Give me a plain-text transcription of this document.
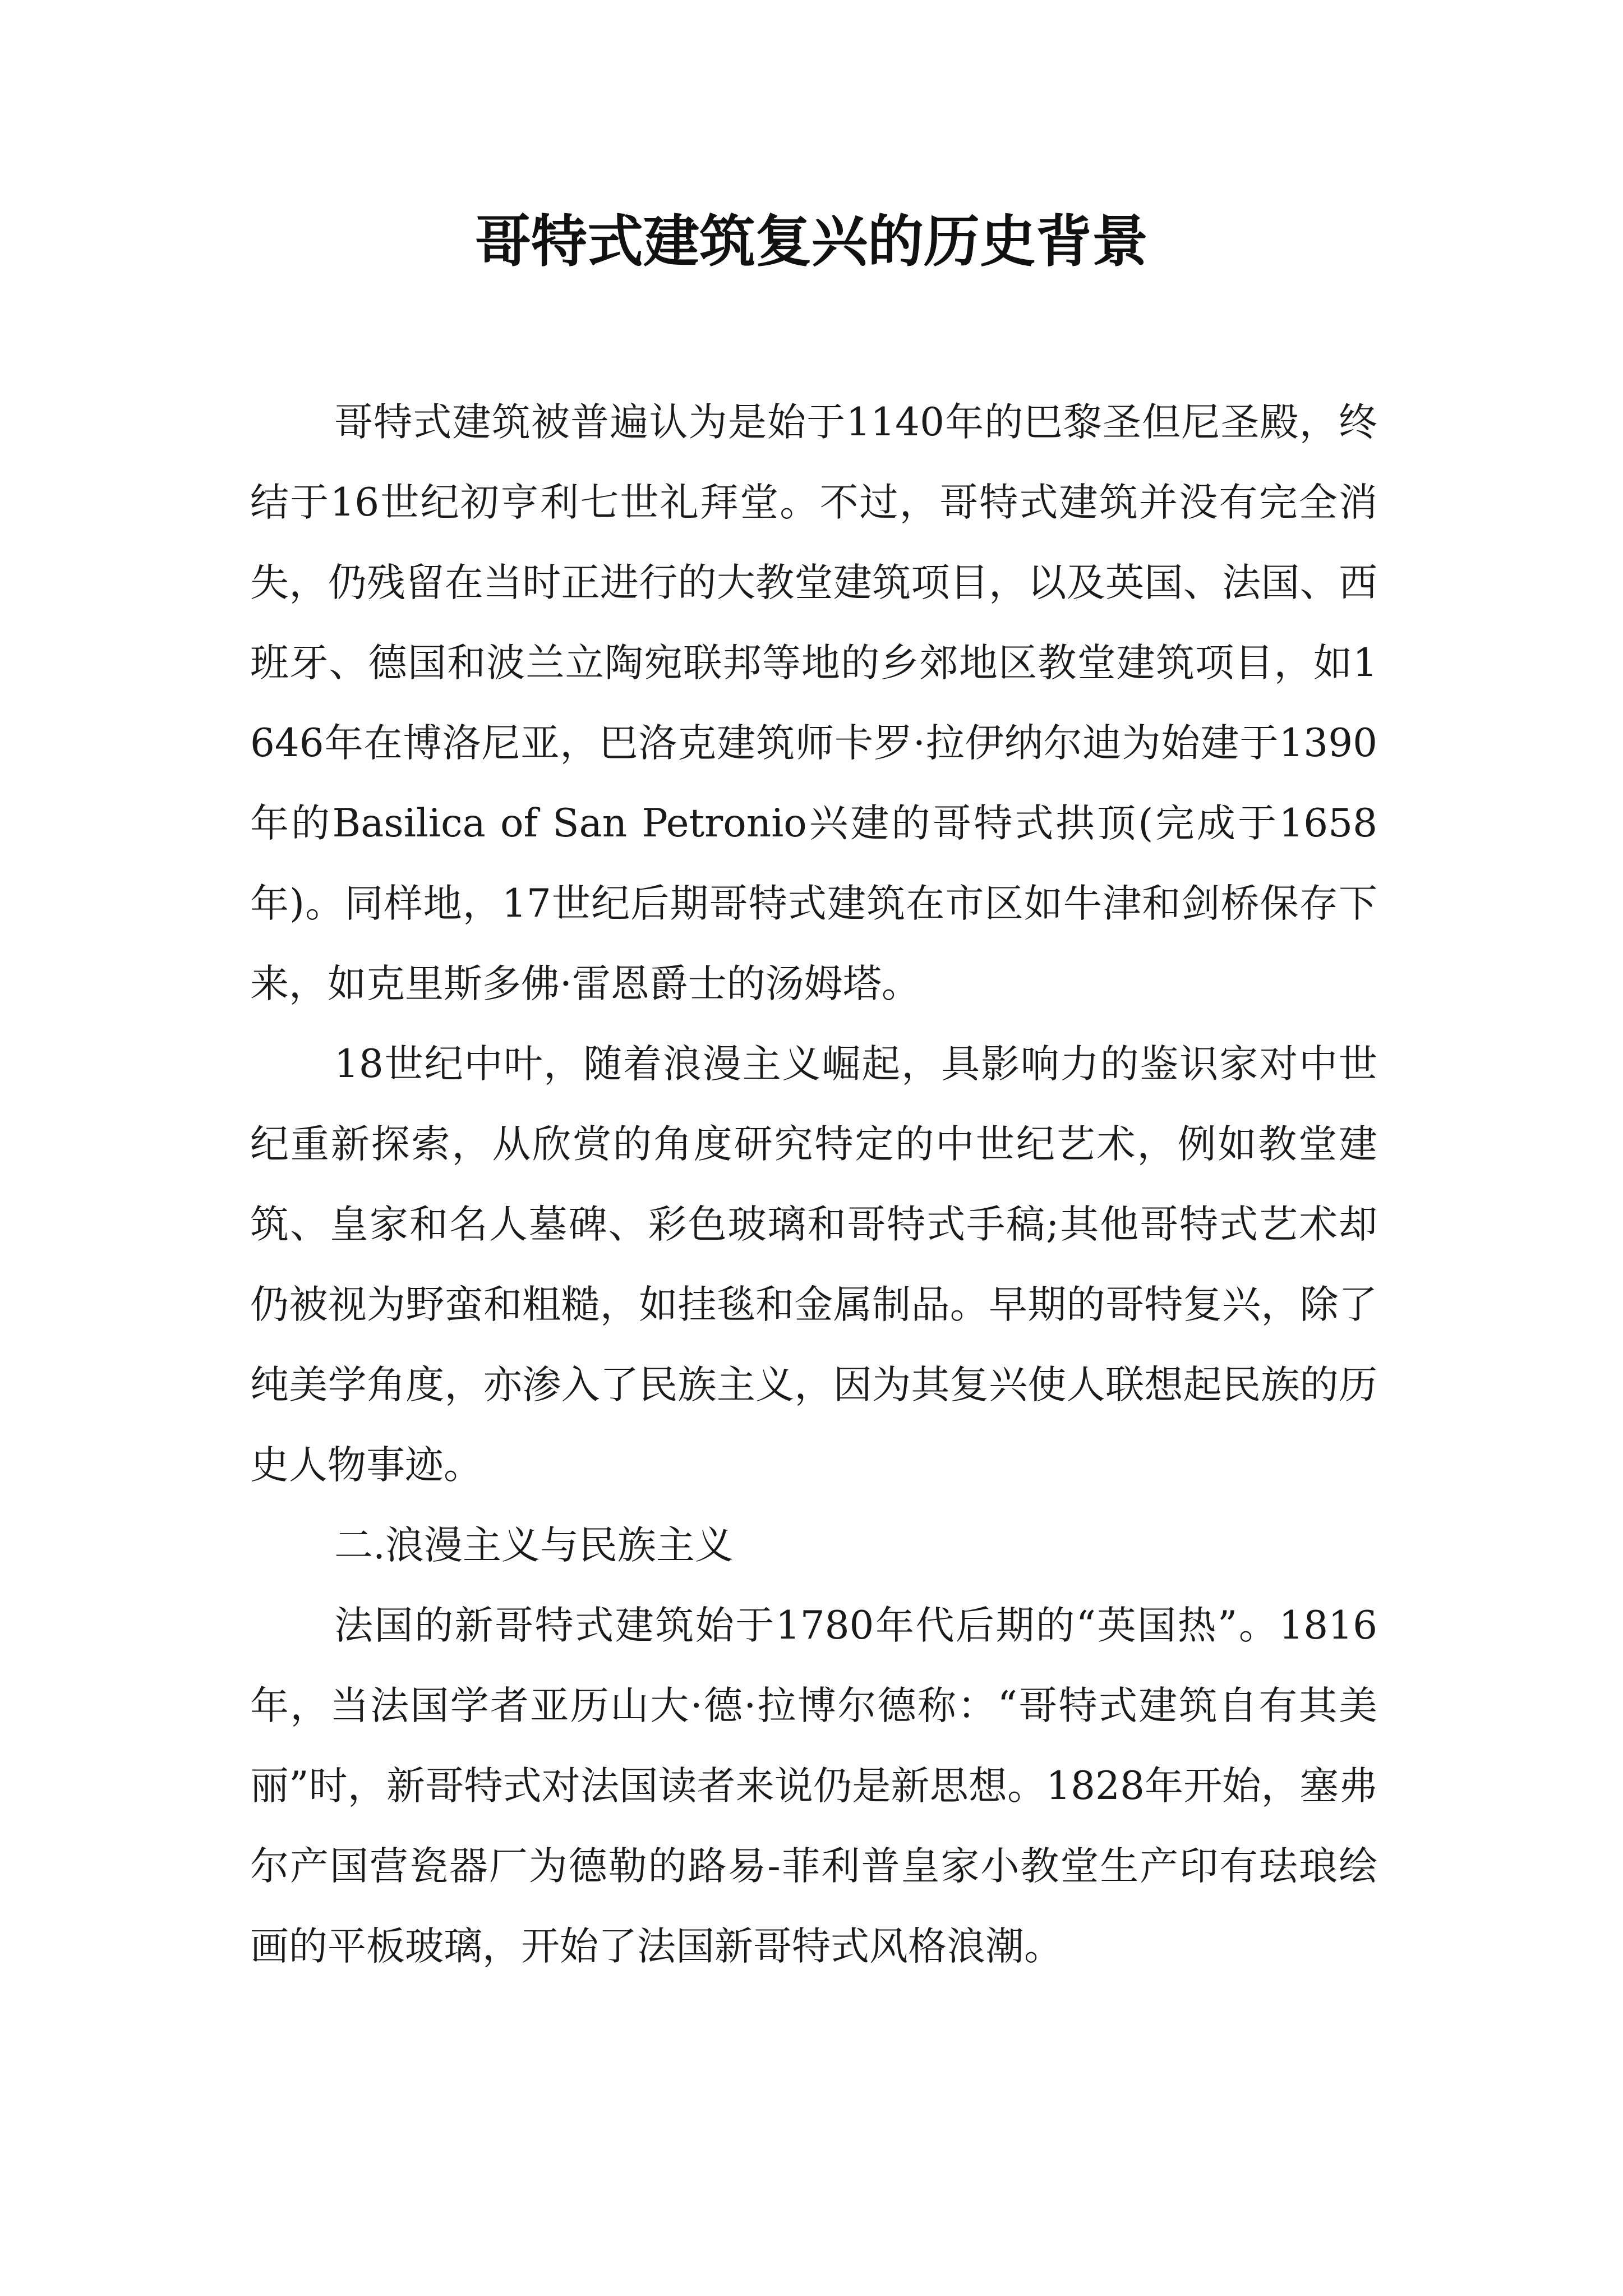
哥特式建筑复兴的历史背景

哥特式建筑被普遍认为是始于1140年的巴黎圣但尼圣殿，终结于16世纪初亨利七世礼拜堂。不过，哥特式建筑并没有完全消失，仍残留在当时正进行的大教堂建筑项目，以及英国、法国、西班牙、德国和波兰立陶宛联邦等地的乡郊地区教堂建筑项目，如1646年在博洛尼亚，巴洛克建筑师卡罗·拉伊纳尔迪为始建于1390年的Basilica of San Petronio兴建的哥特式拱顶(完成于1658年)。同样地，17世纪后期哥特式建筑在市区如牛津和剑桥保存下来，如克里斯多佛·雷恩爵士的汤姆塔。

18世纪中叶，随着浪漫主义崛起，具影响力的鉴识家对中世纪重新探索，从欣赏的角度研究特定的中世纪艺术，例如教堂建筑、皇家和名人墓碑、彩色玻璃和哥特式手稿;其他哥特式艺术却仍被视为野蛮和粗糙，如挂毯和金属制品。早期的哥特复兴，除了纯美学角度，亦渗入了民族主义，因为其复兴使人联想起民族的历史人物事迹。

二.浪漫主义与民族主义

法国的新哥特式建筑始于1780年代后期的“英国热”。1816年，当法国学者亚历山大·德·拉博尔德称：“哥特式建筑自有其美丽”时，新哥特式对法国读者来说仍是新思想。1828年开始，塞弗尔产国营瓷器厂为德勒的路易-菲利普皇家小教堂生产印有珐琅绘画的平板玻璃，开始了法国新哥特式风格浪潮。
